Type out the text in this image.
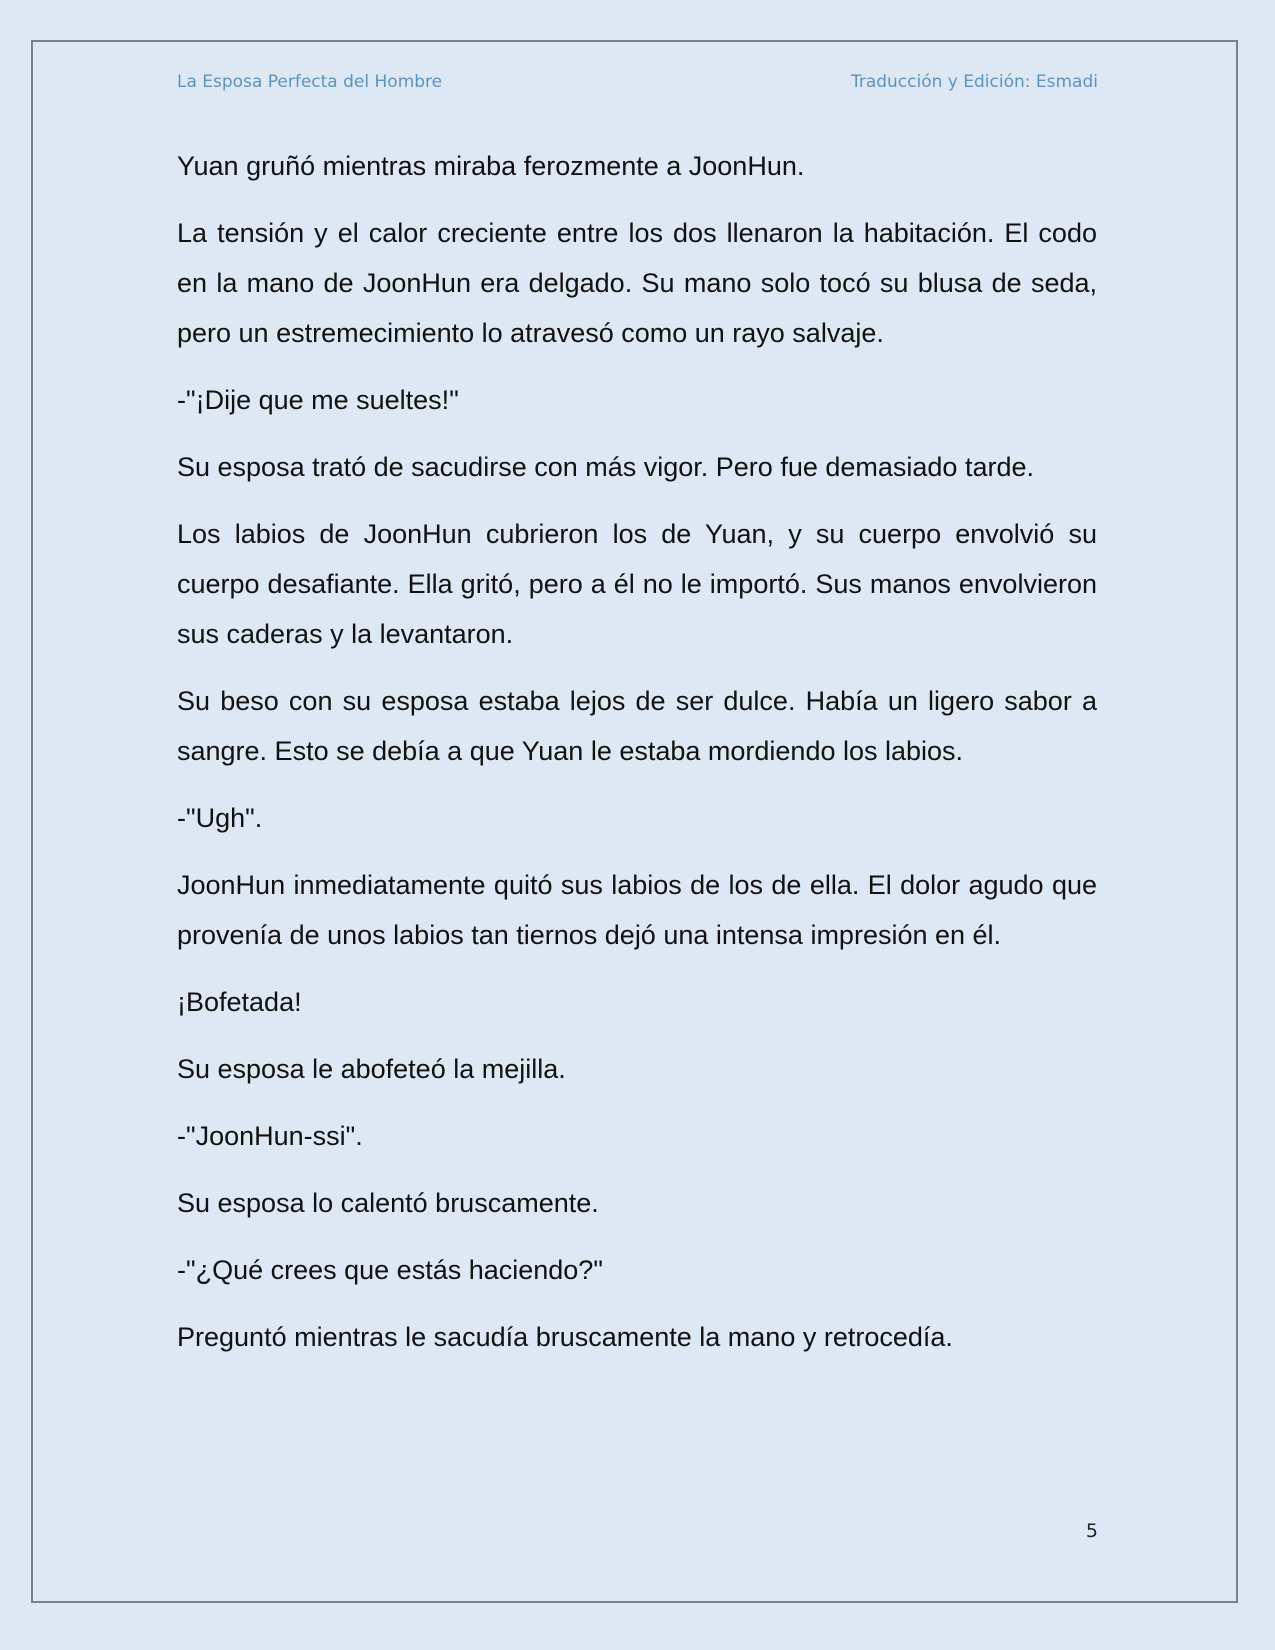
La Esposa Perfecta del Hombre	Traducción y Edición: Esmadi

Yuan gruñó mientras miraba ferozmente a JoonHun.

La tensión y el calor creciente entre los dos llenaron la habitación. El codo en la mano de JoonHun era delgado. Su mano solo tocó su blusa de seda, pero un estremecimiento lo atravesó como un rayo salvaje.

-"¡Dije que me sueltes!"

Su esposa trató de sacudirse con más vigor. Pero fue demasiado tarde.

Los labios de JoonHun cubrieron los de Yuan, y su cuerpo envolvió su cuerpo desafiante. Ella gritó, pero a él no le importó. Sus manos envolvieron sus caderas y la levantaron.

Su beso con su esposa estaba lejos de ser dulce. Había un ligero sabor a sangre. Esto se debía a que Yuan le estaba mordiendo los labios.

-"Ugh".

JoonHun inmediatamente quitó sus labios de los de ella. El dolor agudo que provenía de unos labios tan tiernos dejó una intensa impresión en él.

¡Bofetada!

Su esposa le abofeteó la mejilla.

-"JoonHun-ssi".

Su esposa lo calentó bruscamente.

-"¿Qué crees que estás haciendo?"

Preguntó mientras le sacudía bruscamente la mano y retrocedía.

5
